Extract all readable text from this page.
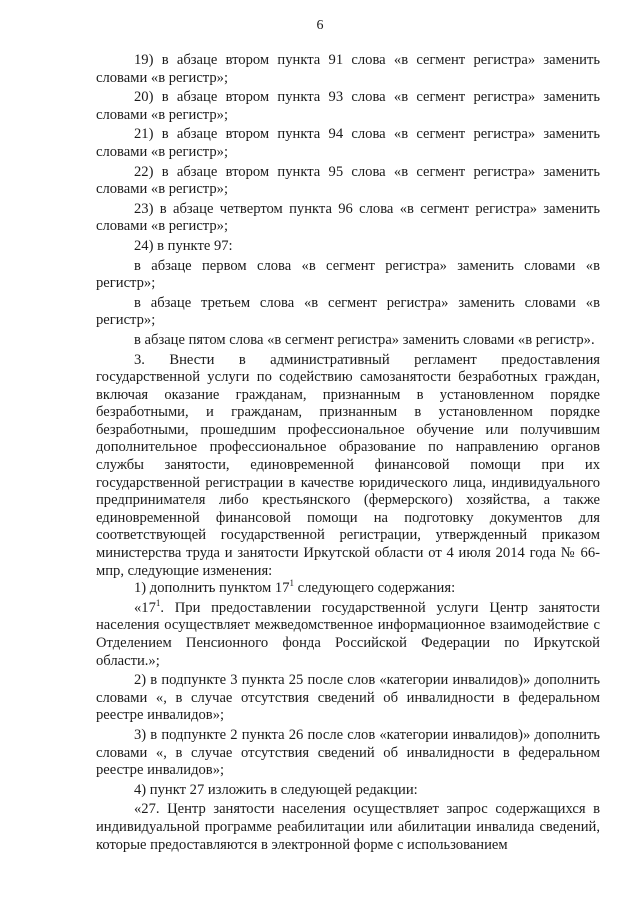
6

19) в абзаце втором пункта 91 слова «в сегмент регистра» заменить словами «в регистр»;

20) в абзаце втором пункта 93 слова «в сегмент регистра» заменить словами «в регистр»;

21) в абзаце втором пункта 94 слова «в сегмент регистра» заменить словами «в регистр»;

22) в абзаце втором пункта 95 слова «в сегмент регистра» заменить словами «в регистр»;

23) в абзаце четвертом пункта 96 слова «в сегмент регистра» заменить словами «в регистр»;

24) в пункте 97:

в абзаце первом слова «в сегмент регистра» заменить словами «в регистр»;

в абзаце третьем слова «в сегмент регистра» заменить словами «в регистр»;

в абзаце пятом слова «в сегмент регистра» заменить словами «в регистр».

3. Внести в административный регламент предоставления государственной услуги по содействию самозанятости безработных граждан, включая оказание гражданам, признанным в установленном порядке безработными, и гражданам, признанным в установленном порядке безработными, прошедшим профессиональное обучение или получившим дополнительное профессиональное образование по направлению органов службы занятости, единовременной финансовой помощи при их государственной регистрации в качестве юридического лица, индивидуального предпринимателя либо крестьянского (фермерского) хозяйства, а также единовременной финансовой помощи на подготовку документов для соответствующей государственной регистрации, утвержденный приказом министерства труда и занятости Иркутской области от 4 июля 2014 года № 66-мпр, следующие изменения:

1) дополнить пунктом $17^1$ следующего содержания:

«$17^1$. При предоставлении государственной услуги Центр занятости населения осуществляет межведомственное информационное взаимодействие с Отделением Пенсионного фонда Российской Федерации по Иркутской области.»;

2) в подпункте 3 пункта 25 после слов «категории инвалидов)» дополнить словами «, в случае отсутствия сведений об инвалидности в федеральном реестре инвалидов»;

3) в подпункте 2 пункта 26 после слов «категории инвалидов)» дополнить словами «, в случае отсутствия сведений об инвалидности в федеральном реестре инвалидов»;

4) пункт 27 изложить в следующей редакции:

«27. Центр занятости населения осуществляет запрос содержащихся в индивидуальной программе реабилитации или абилитации инвалида сведений, которые предоставляются в электронной форме с использованием
